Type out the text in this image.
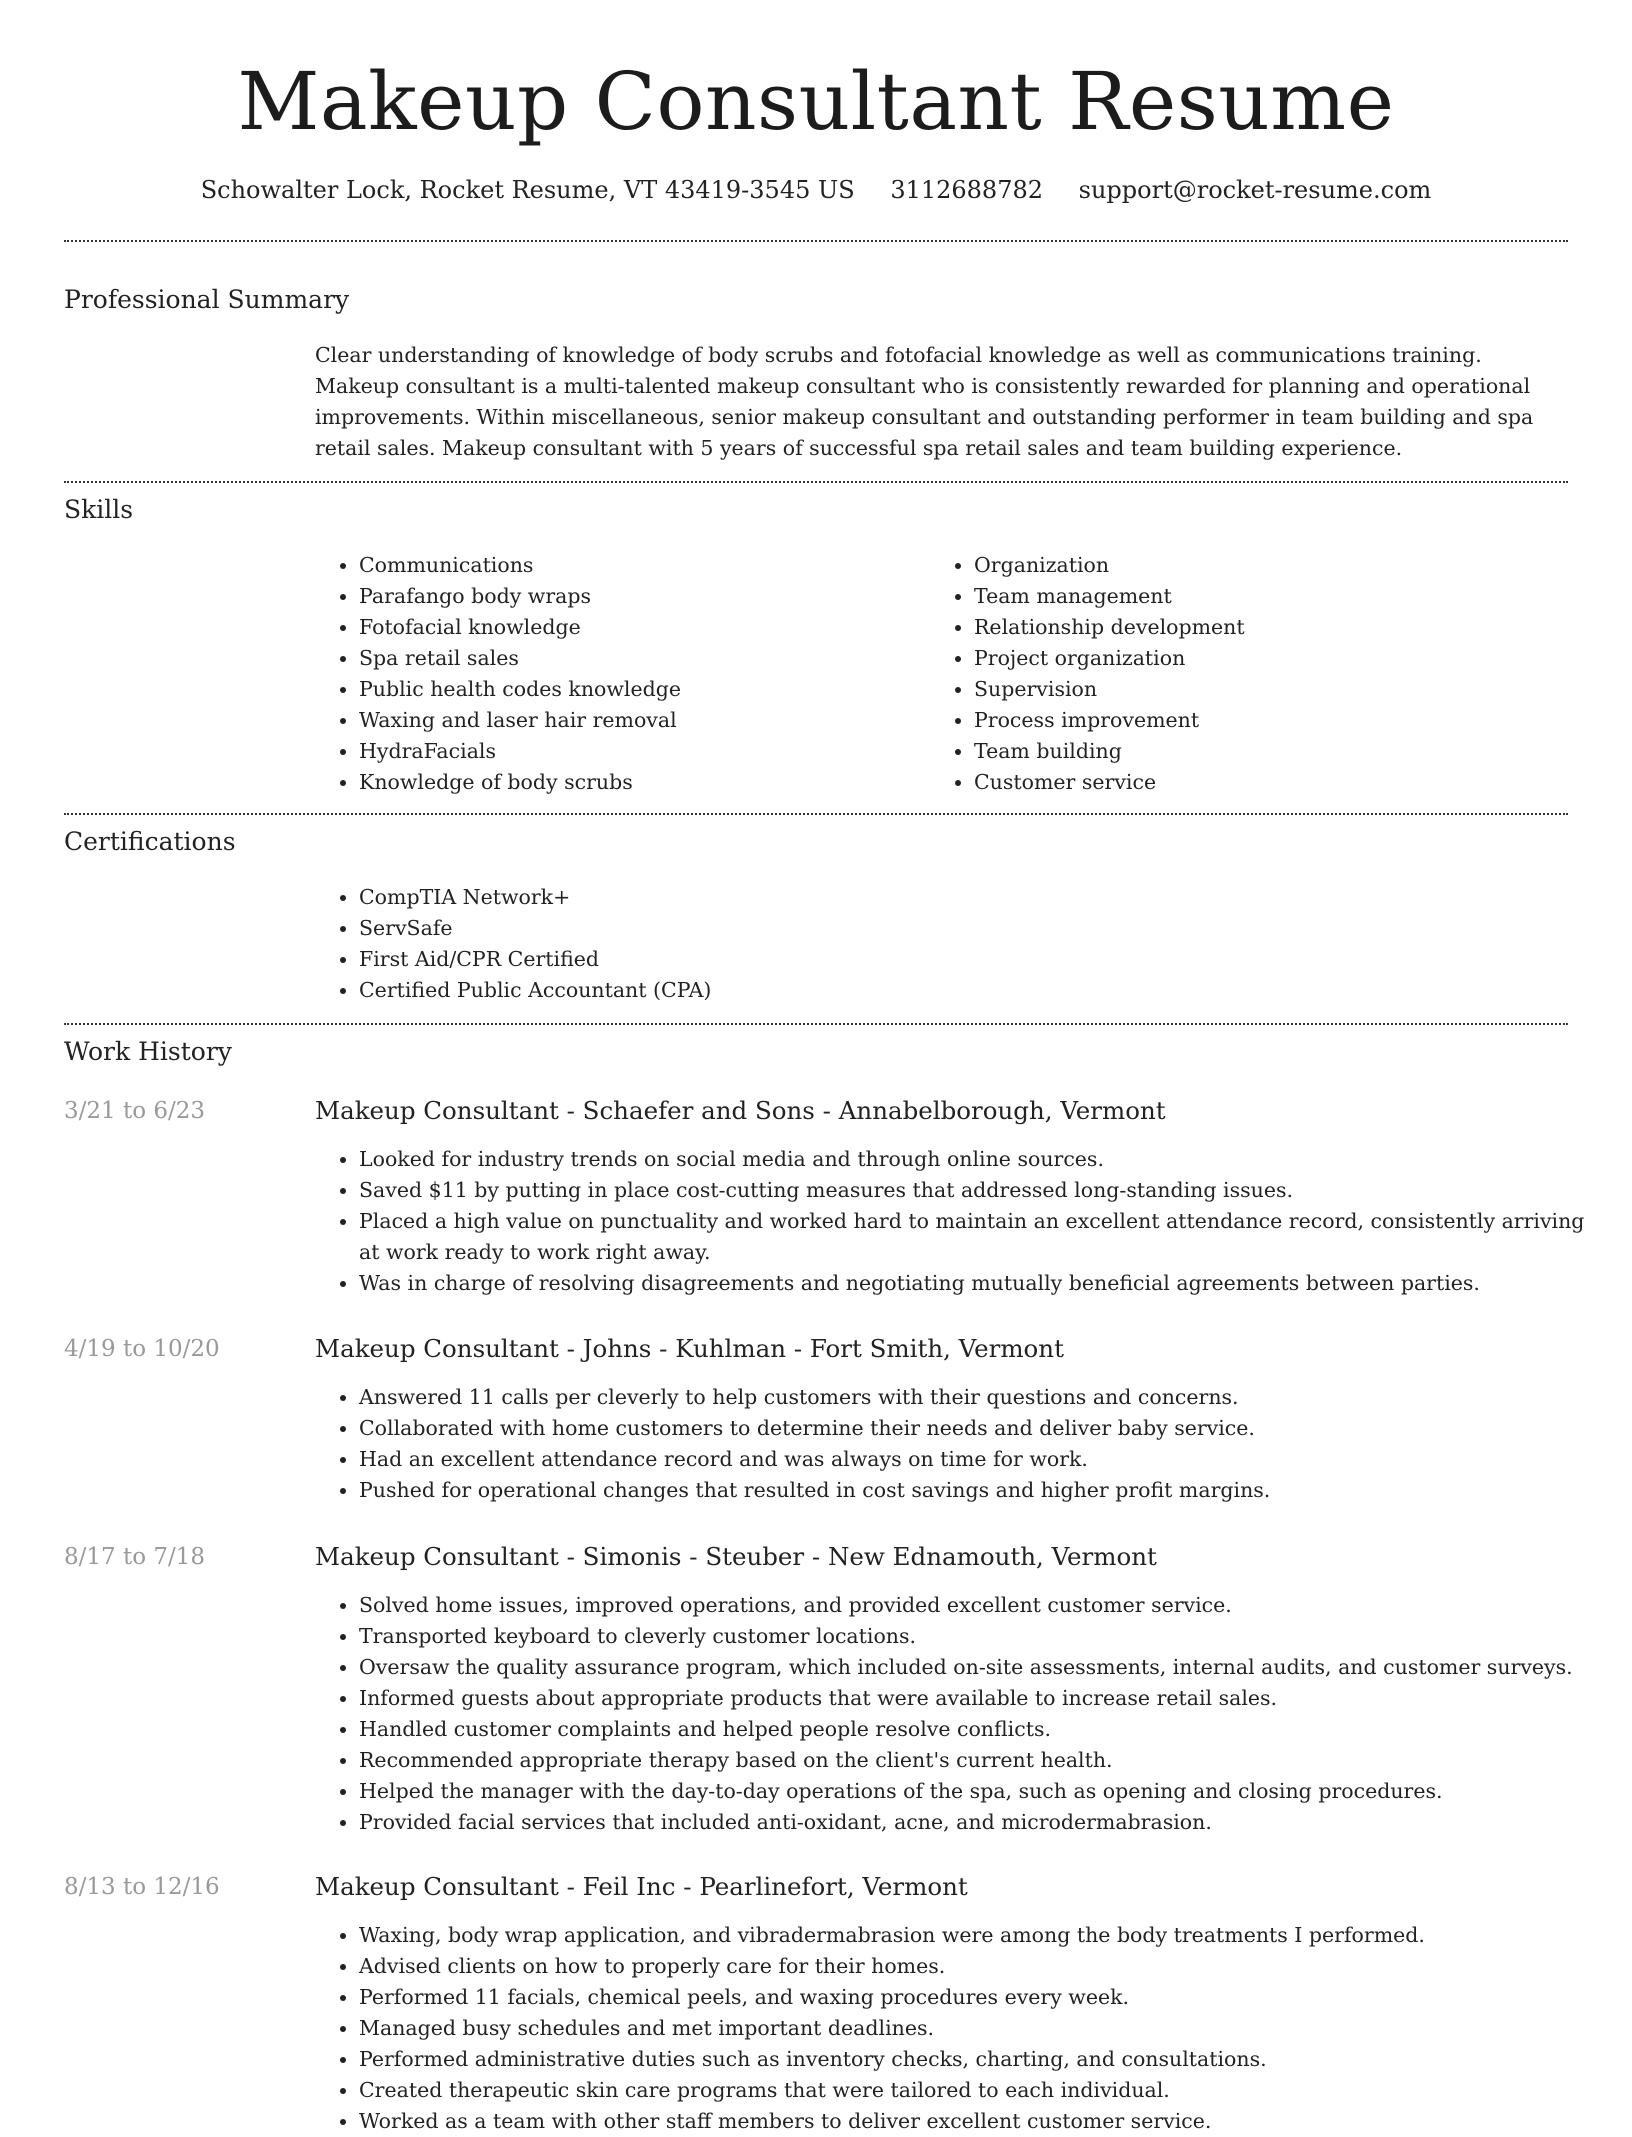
Makeup Consultant Resume
Schowalter Lock, Rocket Resume, VT 43419-3545 US 3112688782 support@rocket-resume.com
Professional Summary

Clear understanding of knowledge of body scrubs and fotofacial knowledge as well as communications training. Makeup consultant is a multi-talented makeup consultant who is consistently rewarded for planning and operational improvements. Within miscellaneous, senior makeup consultant and outstanding performer in team building and spa retail sales. Makeup consultant with 5 years of successful spa retail sales and team building experience.

Skills
• Communications
• Parafango body wraps
• Fotofacial knowledge
• Spa retail sales
• Public health codes knowledge
• Waxing and laser hair removal
• HydraFacials
• Knowledge of body scrubs
• Organization
• Team management
• Relationship development
• Project organization
• Supervision
• Process improvement
• Team building
• Customer service
Certifications
• CompTIA Network+
• ServSafe
• First Aid/CPR Certified
• Certified Public Accountant (CPA)
Work History
3/21 to 6/23	Makeup Consultant - Schaefer and Sons - Annabelborough, Vermont
• Looked for industry trends on social media and through online sources.
• Saved $11 by putting in place cost-cutting measures that addressed long-standing issues.
• Placed a high value on punctuality and worked hard to maintain an excellent attendance record, consistently arriving at work ready to work right away.
• Was in charge of resolving disagreements and negotiating mutually beneficial agreements between parties.
4/19 to 10/20	Makeup Consultant - Johns - Kuhlman - Fort Smith, Vermont
• Answered 11 calls per cleverly to help customers with their questions and concerns.
• Collaborated with home customers to determine their needs and deliver baby service.
• Had an excellent attendance record and was always on time for work.
• Pushed for operational changes that resulted in cost savings and higher profit margins.
8/17 to 7/18	Makeup Consultant - Simonis - Steuber - New Ednamouth, Vermont
• Solved home issues, improved operations, and provided excellent customer service.
• Transported keyboard to cleverly customer locations.
• Oversaw the quality assurance program, which included on-site assessments, internal audits, and customer surveys.
• Informed guests about appropriate products that were available to increase retail sales.
• Handled customer complaints and helped people resolve conflicts.
• Recommended appropriate therapy based on the client's current health.
• Helped the manager with the day-to-day operations of the spa, such as opening and closing procedures.
• Provided facial services that included anti-oxidant, acne, and microdermabrasion.
8/13 to 12/16	Makeup Consultant - Feil Inc - Pearlinefort, Vermont
• Waxing, body wrap application, and vibradermabrasion were among the body treatments I performed.
• Advised clients on how to properly care for their homes.
• Performed 11 facials, chemical peels, and waxing procedures every week.
• Managed busy schedules and met important deadlines.
• Performed administrative duties such as inventory checks, charting, and consultations.
• Created therapeutic skin care programs that were tailored to each individual.
• Worked as a team with other staff members to deliver excellent customer service.
